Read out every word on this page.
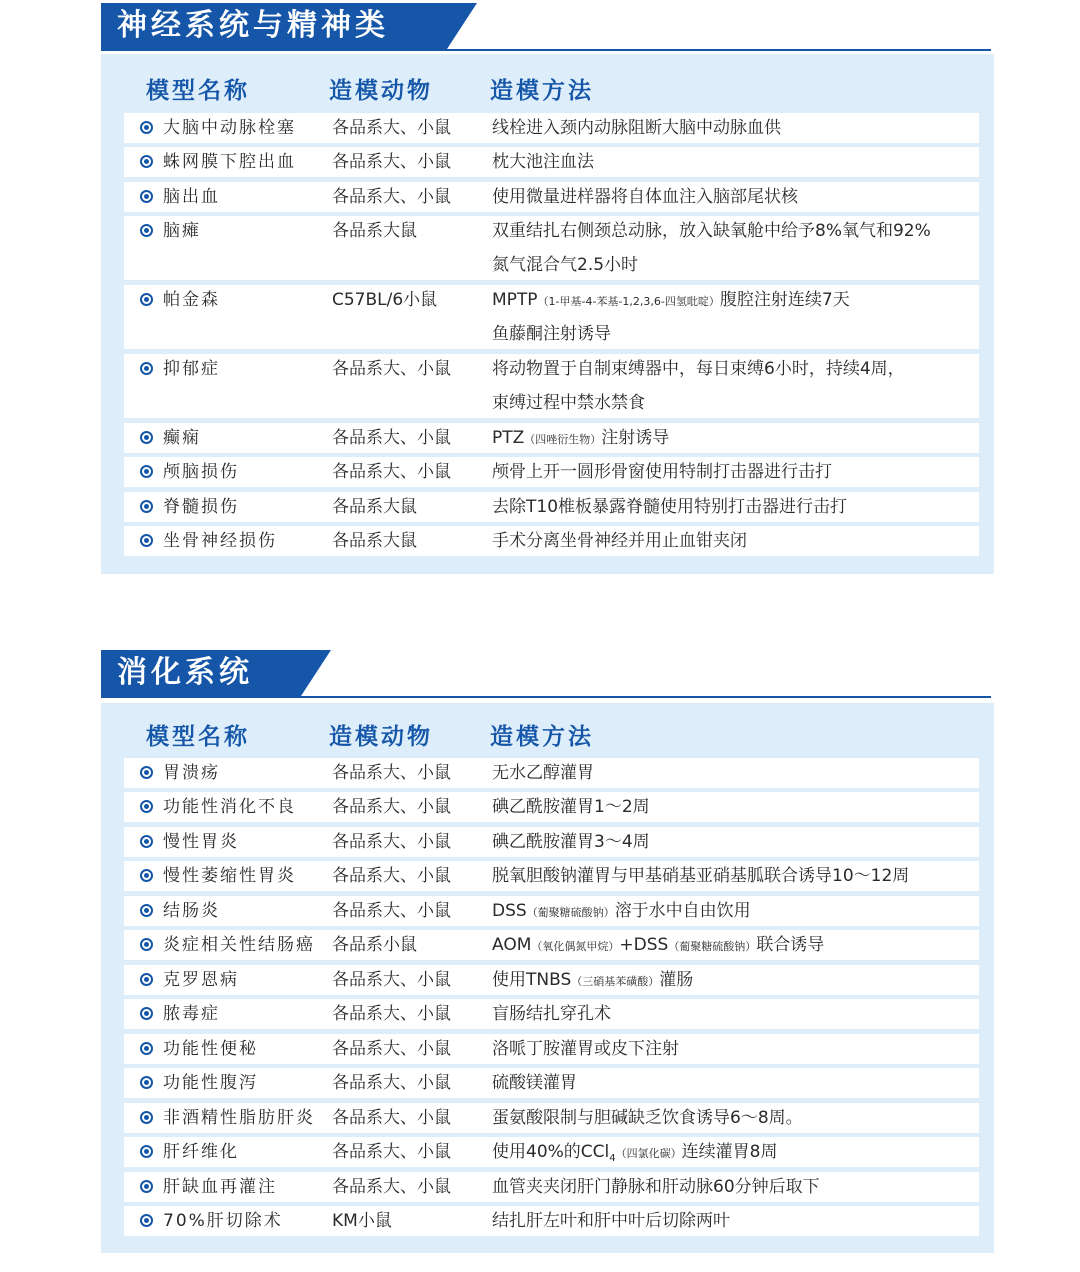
神经系统与精神类
模型名称	造模动物 造模方法
大脑中动脉栓塞 各品系大、小鼠 线栓进入颈内动脉阻断大脑中动脉血供
蛛网膜下腔出血 各品系大、小鼠 枕大池注血法
脑出血	各品系大、小鼠 使用微量进样器将自体血注入脑部尾状核
脑瘫	各品系大鼠	双重结扎右侧颈总动脉，放入缺氧舱中给予8%氧气和92%
氮气混合气2.5小时
帕金森	C57BL/6小鼠	MPTP（1-甲基-4-苯基-1,2,3,6-四氢吡啶）腹腔注射连续7天
鱼藤酮注射诱导
抑郁症	各品系大、小鼠 将动物置于自制束缚器中，每日束缚6小时，持续4周，
束缚过程中禁水禁食
癫痫	各品系大、小鼠 PTZ（四唑衍生物）注射诱导
颅脑损伤	各品系大、小鼠 颅骨上开一圆形骨窗使用特制打击器进行击打
脊髓损伤	各品系大鼠	去除T10椎板暴露脊髓使用特别打击器进行击打
坐骨神经损伤	各品系大鼠	手术分离坐骨神经并用止血钳夹闭
消化系统
模型名称	造模动物 造模方法
胃溃疡	各品系大、小鼠 无水乙醇灌胃
功能性消化不良 各品系大、小鼠 碘乙酰胺灌胃1～2周
慢性胃炎	各品系大、小鼠 碘乙酰胺灌胃3～4周
慢性萎缩性胃炎 各品系大、小鼠 脱氧胆酸钠灌胃与甲基硝基亚硝基胍联合诱导10～12周
结肠炎	各品系大、小鼠 DSS（葡聚糖硫酸钠）溶于水中自由饮用
炎症相关性结肠癌 各品系小鼠	AOM（氧化偶氮甲烷）+DSS（葡聚糖硫酸钠）联合诱导
克罗恩病	各品系大、小鼠 使用TNBS（三硝基苯磺酸）灌肠
脓毒症	各品系大、小鼠 盲肠结扎穿孔术
功能性便秘	各品系大、小鼠 洛哌丁胺灌胃或皮下注射
功能性腹泻	各品系大、小鼠 硫酸镁灌胃
非酒精性脂肪肝炎 各品系大、小鼠 蛋氨酸限制与胆碱缺乏饮食诱导6～8周。
肝纤维化	各品系大、小鼠 使用40%的CCl$_4$（四氯化碳）连续灌胃8周
肝缺血再灌注	各品系大、小鼠 血管夹夹闭肝门静脉和肝动脉60分钟后取下
70%肝切除术	KM小鼠	结扎肝左叶和肝中叶后切除两叶
